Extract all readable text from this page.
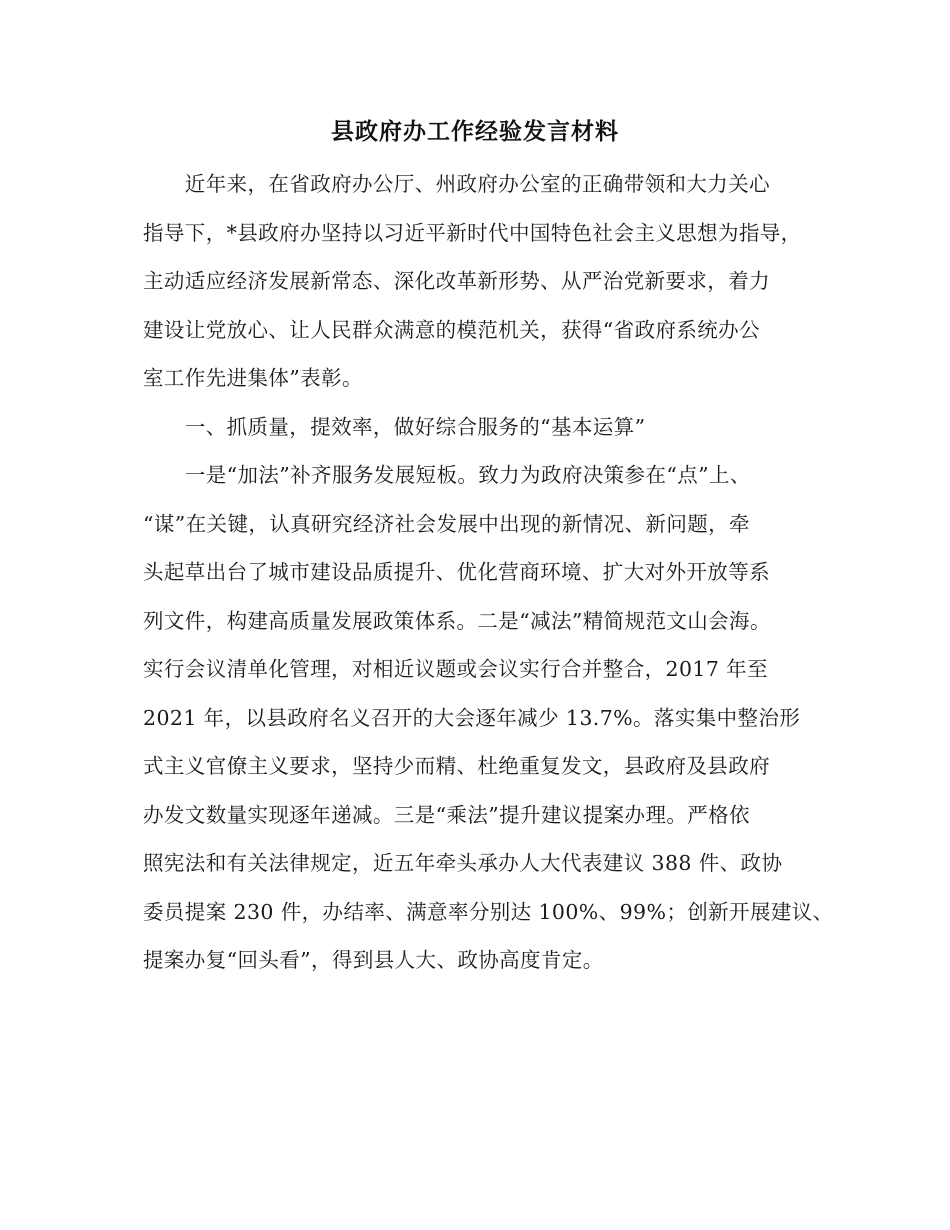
县政府办工作经验发言材料
　　近年来，在省政府办公厅、州政府办公室的正确带领和大力关心
指导下，*县政府办坚持以习近平新时代中国特色社会主义思想为指导，
主动适应经济发展新常态、深化改革新形势、从严治党新要求，着力
建设让党放心、让人民群众满意的模范机关，获得“省政府系统办公
室工作先进集体”表彰。
　　一、抓质量，提效率，做好综合服务的“基本运算”
　　一是“加法”补齐服务发展短板。致力为政府决策参在“点”上、
“谋”在关键，认真研究经济社会发展中出现的新情况、新问题，牵
头起草出台了城市建设品质提升、优化营商环境、扩大对外开放等系
列文件，构建高质量发展政策体系。二是“减法”精简规范文山会海。
实行会议清单化管理，对相近议题或会议实行合并整合，2017 年至
2021 年，以县政府名义召开的大会逐年减少 13.7%。落实集中整治形
式主义官僚主义要求，坚持少而精、杜绝重复发文，县政府及县政府
办发文数量实现逐年递减。三是“乘法”提升建议提案办理。严格依
照宪法和有关法律规定，近五年牵头承办人大代表建议 388 件、政协
委员提案 230 件，办结率、满意率分别达 100%、99%；创新开展建议、
提案办复“回头看”，得到县人大、政协高度肯定。
